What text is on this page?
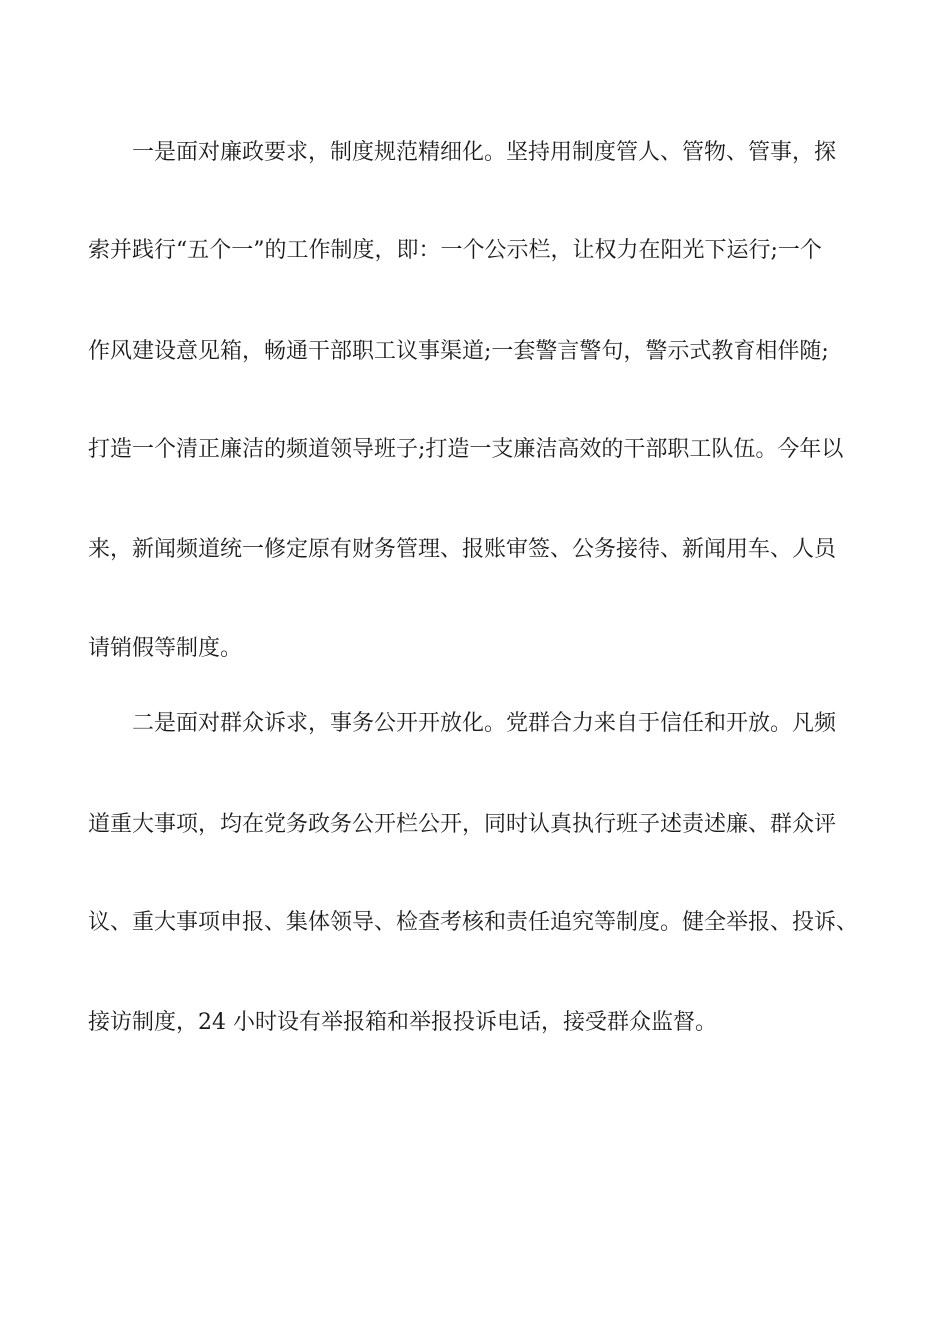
一是面对廉政要求，制度规范精细化。坚持用制度管人、管物、管事，探
索并践行“五个一”的工作制度，即：一个公示栏，让权力在阳光下运行;一个
作风建设意见箱，畅通干部职工议事渠道;一套警言警句，警示式教育相伴随;
打造一个清正廉洁的频道领导班子;打造一支廉洁高效的干部职工队伍。今年以
来，新闻频道统一修定原有财务管理、报账审签、公务接待、新闻用车、人员
请销假等制度。
二是面对群众诉求，事务公开开放化。党群合力来自于信任和开放。凡频
道重大事项，均在党务政务公开栏公开，同时认真执行班子述责述廉、群众评
议、重大事项申报、集体领导、检查考核和责任追究等制度。健全举报、投诉、
接访制度，24 小时设有举报箱和举报投诉电话，接受群众监督。
